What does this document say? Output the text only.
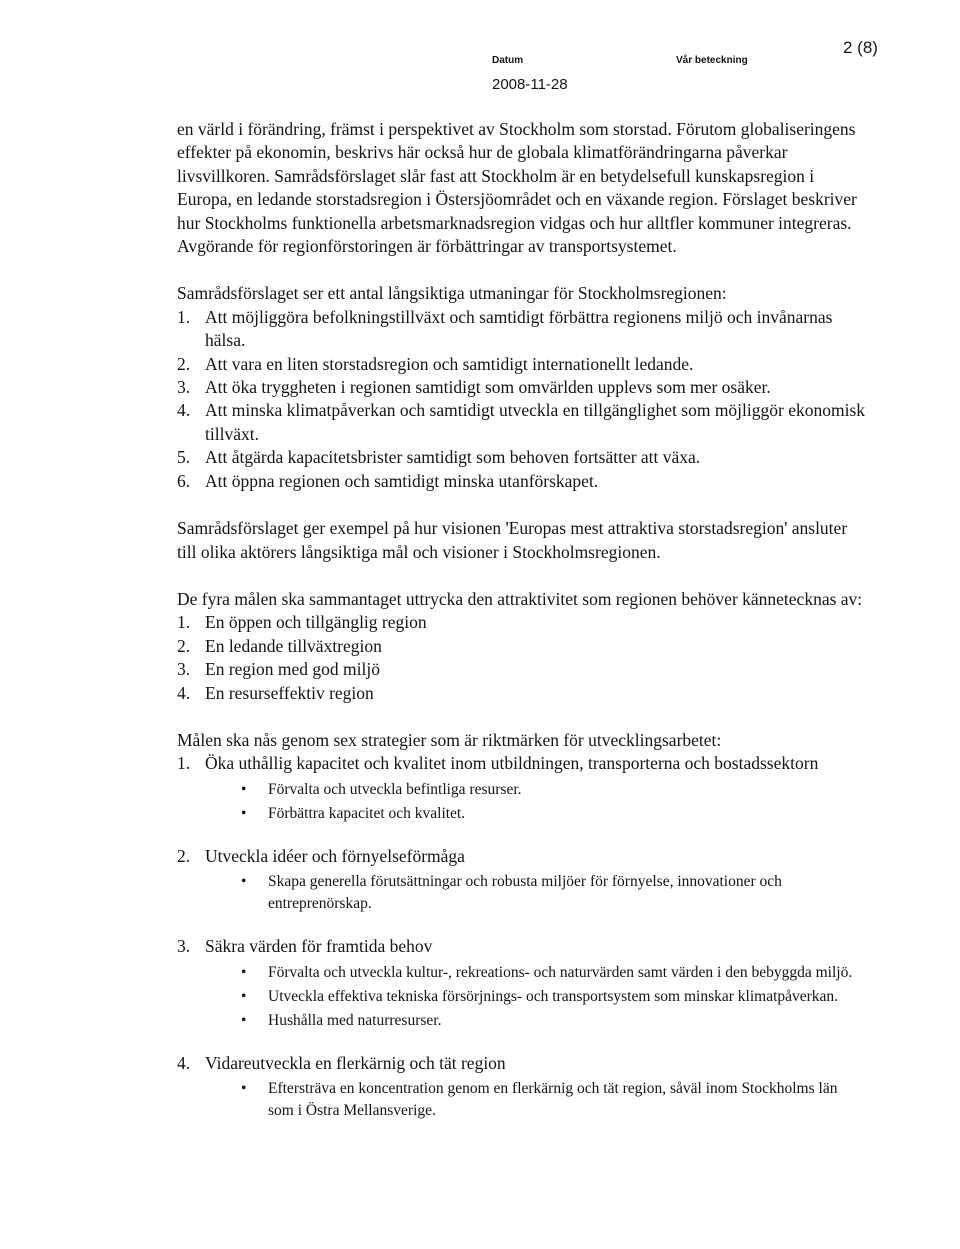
Datum	Vår beteckning
2 (8)
2008-11-28

en värld i förändring, främst i perspektivet av Stockholm som storstad. Förutom globaliseringens effekter på ekonomin, beskrivs här också hur de globala klimatförändringarna påverkar livsvillkoren. Samrådsförslaget slår fast att Stockholm är en betydelsefull kunskapsregion i Europa, en ledande storstadsregion i Östersjöområdet och en växande region. Förslaget beskriver hur Stockholms funktionella arbetsmarknadsregion vidgas och hur alltfler kommuner integreras. Avgörande för regionförstoringen är förbättringar av transportsystemet.

Samrådsförslaget ser ett antal långsiktiga utmaningar för Stockholmsregionen:

1. Att möjliggöra befolkningstillväxt och samtidigt förbättra regionens miljö och invånarnas hälsa.
2. Att vara en liten storstadsregion och samtidigt internationellt ledande.
3. Att öka tryggheten i regionen samtidigt som omvärlden upplevs som mer osäker.
4. Att minska klimatpåverkan och samtidigt utveckla en tillgänglighet som möjliggör ekonomisk tillväxt.
5. Att åtgärda kapacitetsbrister samtidigt som behoven fortsätter att växa.
6. Att öppna regionen och samtidigt minska utanförskapet.

Samrådsförslaget ger exempel på hur visionen 'Europas mest attraktiva storstadsregion' ansluter till olika aktörers långsiktiga mål och visioner i Stockholmsregionen.

De fyra målen ska sammantaget uttrycka den attraktivitet som regionen behöver kännetecknas av:

1. En öppen och tillgänglig region
2. En ledande tillväxtregion
3. En region med god miljö
4. En resurseffektiv region

Målen ska nås genom sex strategier som är riktmärken för utvecklingsarbetet:

1. Öka uthållig kapacitet och kvalitet inom utbildningen, transporterna och bostadssektorn
• Förvalta och utveckla befintliga resurser.
• Förbättra kapacitet och kvalitet.
2. Utveckla idéer och förnyelseförmåga
• Skapa generella förutsättningar och robusta miljöer för förnyelse, innovationer och entreprenörskap.
3. Säkra värden för framtida behov
• Förvalta och utveckla kultur-, rekreations- och naturvärden samt värden i den bebyggda miljö.
• Utveckla effektiva tekniska försörjnings- och transportsystem som minskar klimatpåverkan.
• Hushålla med naturresurser.
4. Vidareutveckla en flerkärnig och tät region
• Eftersträva en koncentration genom en flerkärnig och tät region, såväl inom Stockholms län som i Östra Mellansverige.
